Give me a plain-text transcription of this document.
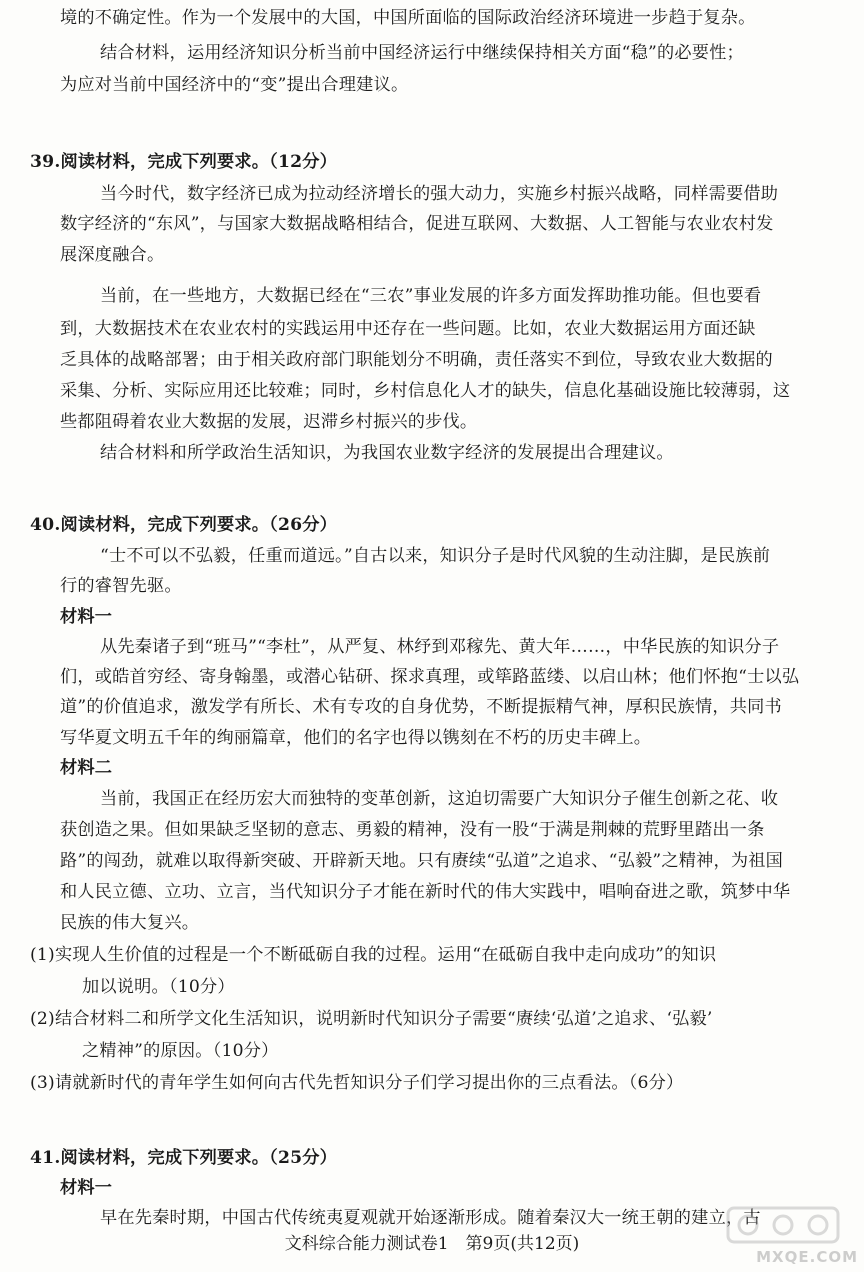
境的不确定性。作为一个发展中的大国，中国所面临的国际政治经济环境进一步趋于复杂。
结合材料，运用经济知识分析当前中国经济运行中继续保持相关方面“稳”的必要性；
为应对当前中国经济中的“变”提出合理建议。
39.阅读材料，完成下列要求。（12分）
当今时代，数字经济已成为拉动经济增长的强大动力，实施乡村振兴战略，同样需要借助
数字经济的“东风”，与国家大数据战略相结合，促进互联网、大数据、人工智能与农业农村发
展深度融合。
当前，在一些地方，大数据已经在“三农”事业发展的许多方面发挥助推功能。但也要看
到，大数据技术在农业农村的实践运用中还存在一些问题。比如，农业大数据运用方面还缺
乏具体的战略部署；由于相关政府部门职能划分不明确，责任落实不到位，导致农业大数据的
采集、分析、实际应用还比较难；同时，乡村信息化人才的缺失，信息化基础设施比较薄弱，这
些都阻碍着农业大数据的发展，迟滞乡村振兴的步伐。
结合材料和所学政治生活知识，为我国农业数字经济的发展提出合理建议。
40.阅读材料，完成下列要求。（26分）
“士不可以不弘毅，任重而道远。”自古以来，知识分子是时代风貌的生动注脚，是民族前
行的睿智先驱。
材料一
从先秦诸子到“班马”“李杜”，从严复、林纾到邓稼先、黄大年……，中华民族的知识分子
们，或皓首穷经、寄身翰墨，或潜心钻研、探求真理，或筚路蓝缕、以启山林；他们怀抱“士以弘
道”的价值追求，激发学有所长、术有专攻的自身优势，不断提振精气神，厚积民族情，共同书
写华夏文明五千年的绚丽篇章，他们的名字也得以镌刻在不朽的历史丰碑上。
材料二
当前，我国正在经历宏大而独特的变革创新，这迫切需要广大知识分子催生创新之花、收
获创造之果。但如果缺乏坚韧的意志、勇毅的精神，没有一股“于满是荆棘的荒野里踏出一条
路”的闯劲，就难以取得新突破、开辟新天地。只有赓续“弘道”之追求、“弘毅”之精神，为祖国
和人民立德、立功、立言，当代知识分子才能在新时代的伟大实践中，唱响奋进之歌，筑梦中华
民族的伟大复兴。
(1)实现人生价值的过程是一个不断砥砺自我的过程。运用“在砥砺自我中走向成功”的知识
加以说明。（10分）
(2)结合材料二和所学文化生活知识，说明新时代知识分子需要“赓续‘弘道’之追求、‘弘毅’
之精神”的原因。（10分）
(3)请就新时代的青年学生如何向古代先哲知识分子们学习提出你的三点看法。（6分）
41.阅读材料，完成下列要求。（25分）
材料一
早在先秦时期，中国古代传统夷夏观就开始逐渐形成。随着秦汉大一统王朝的建立，古
文科综合能力测试卷1　第9页(共12页)
MXQE.COM
